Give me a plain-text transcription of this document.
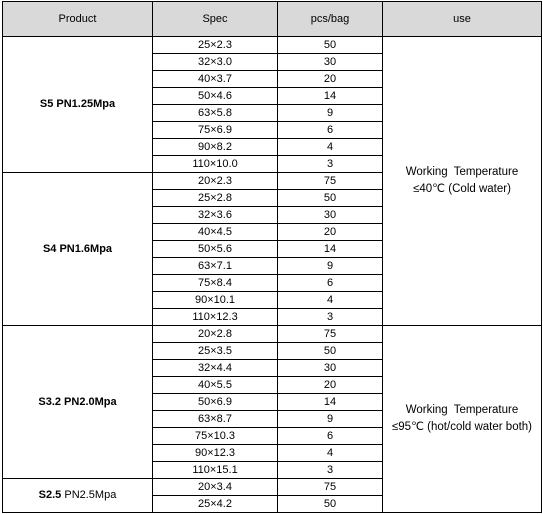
Product	Spec	pcs/bag	use
S5 PN1.25Mpa	25×2.3	50	Working Temperature
≤40℃ (Cold water)

	32×3.0	30	
	40×3.7	20	
	50×4.6	14	
	63×5.8	9	
	75×6.9	6	
	90×8.2	4	
	110×10.0	3	
S4 PN1.6Mpa	20×2.3	75	
	25×2.8	50	
	32×3.6	30	
	40×4.5	20	
	50×5.6	14	
	63×7.1	9	
	75×8.4	6	
	90×10.1	4	
	110×12.3	3	
S3.2 PN2.0Mpa	20×2.8	75	Working Temperature
≤95℃ (hot/cold water both)

	25×3.5	50	
	32×4.4	30	
	40×5.5	20	
	50×6.9	14	
	63×8.7	9	
	75×10.3	6	
	90×12.3	4	
	110×15.1	3	
S2.5 PN2.5Mpa	20×3.4	75	
	25×4.2	50	
